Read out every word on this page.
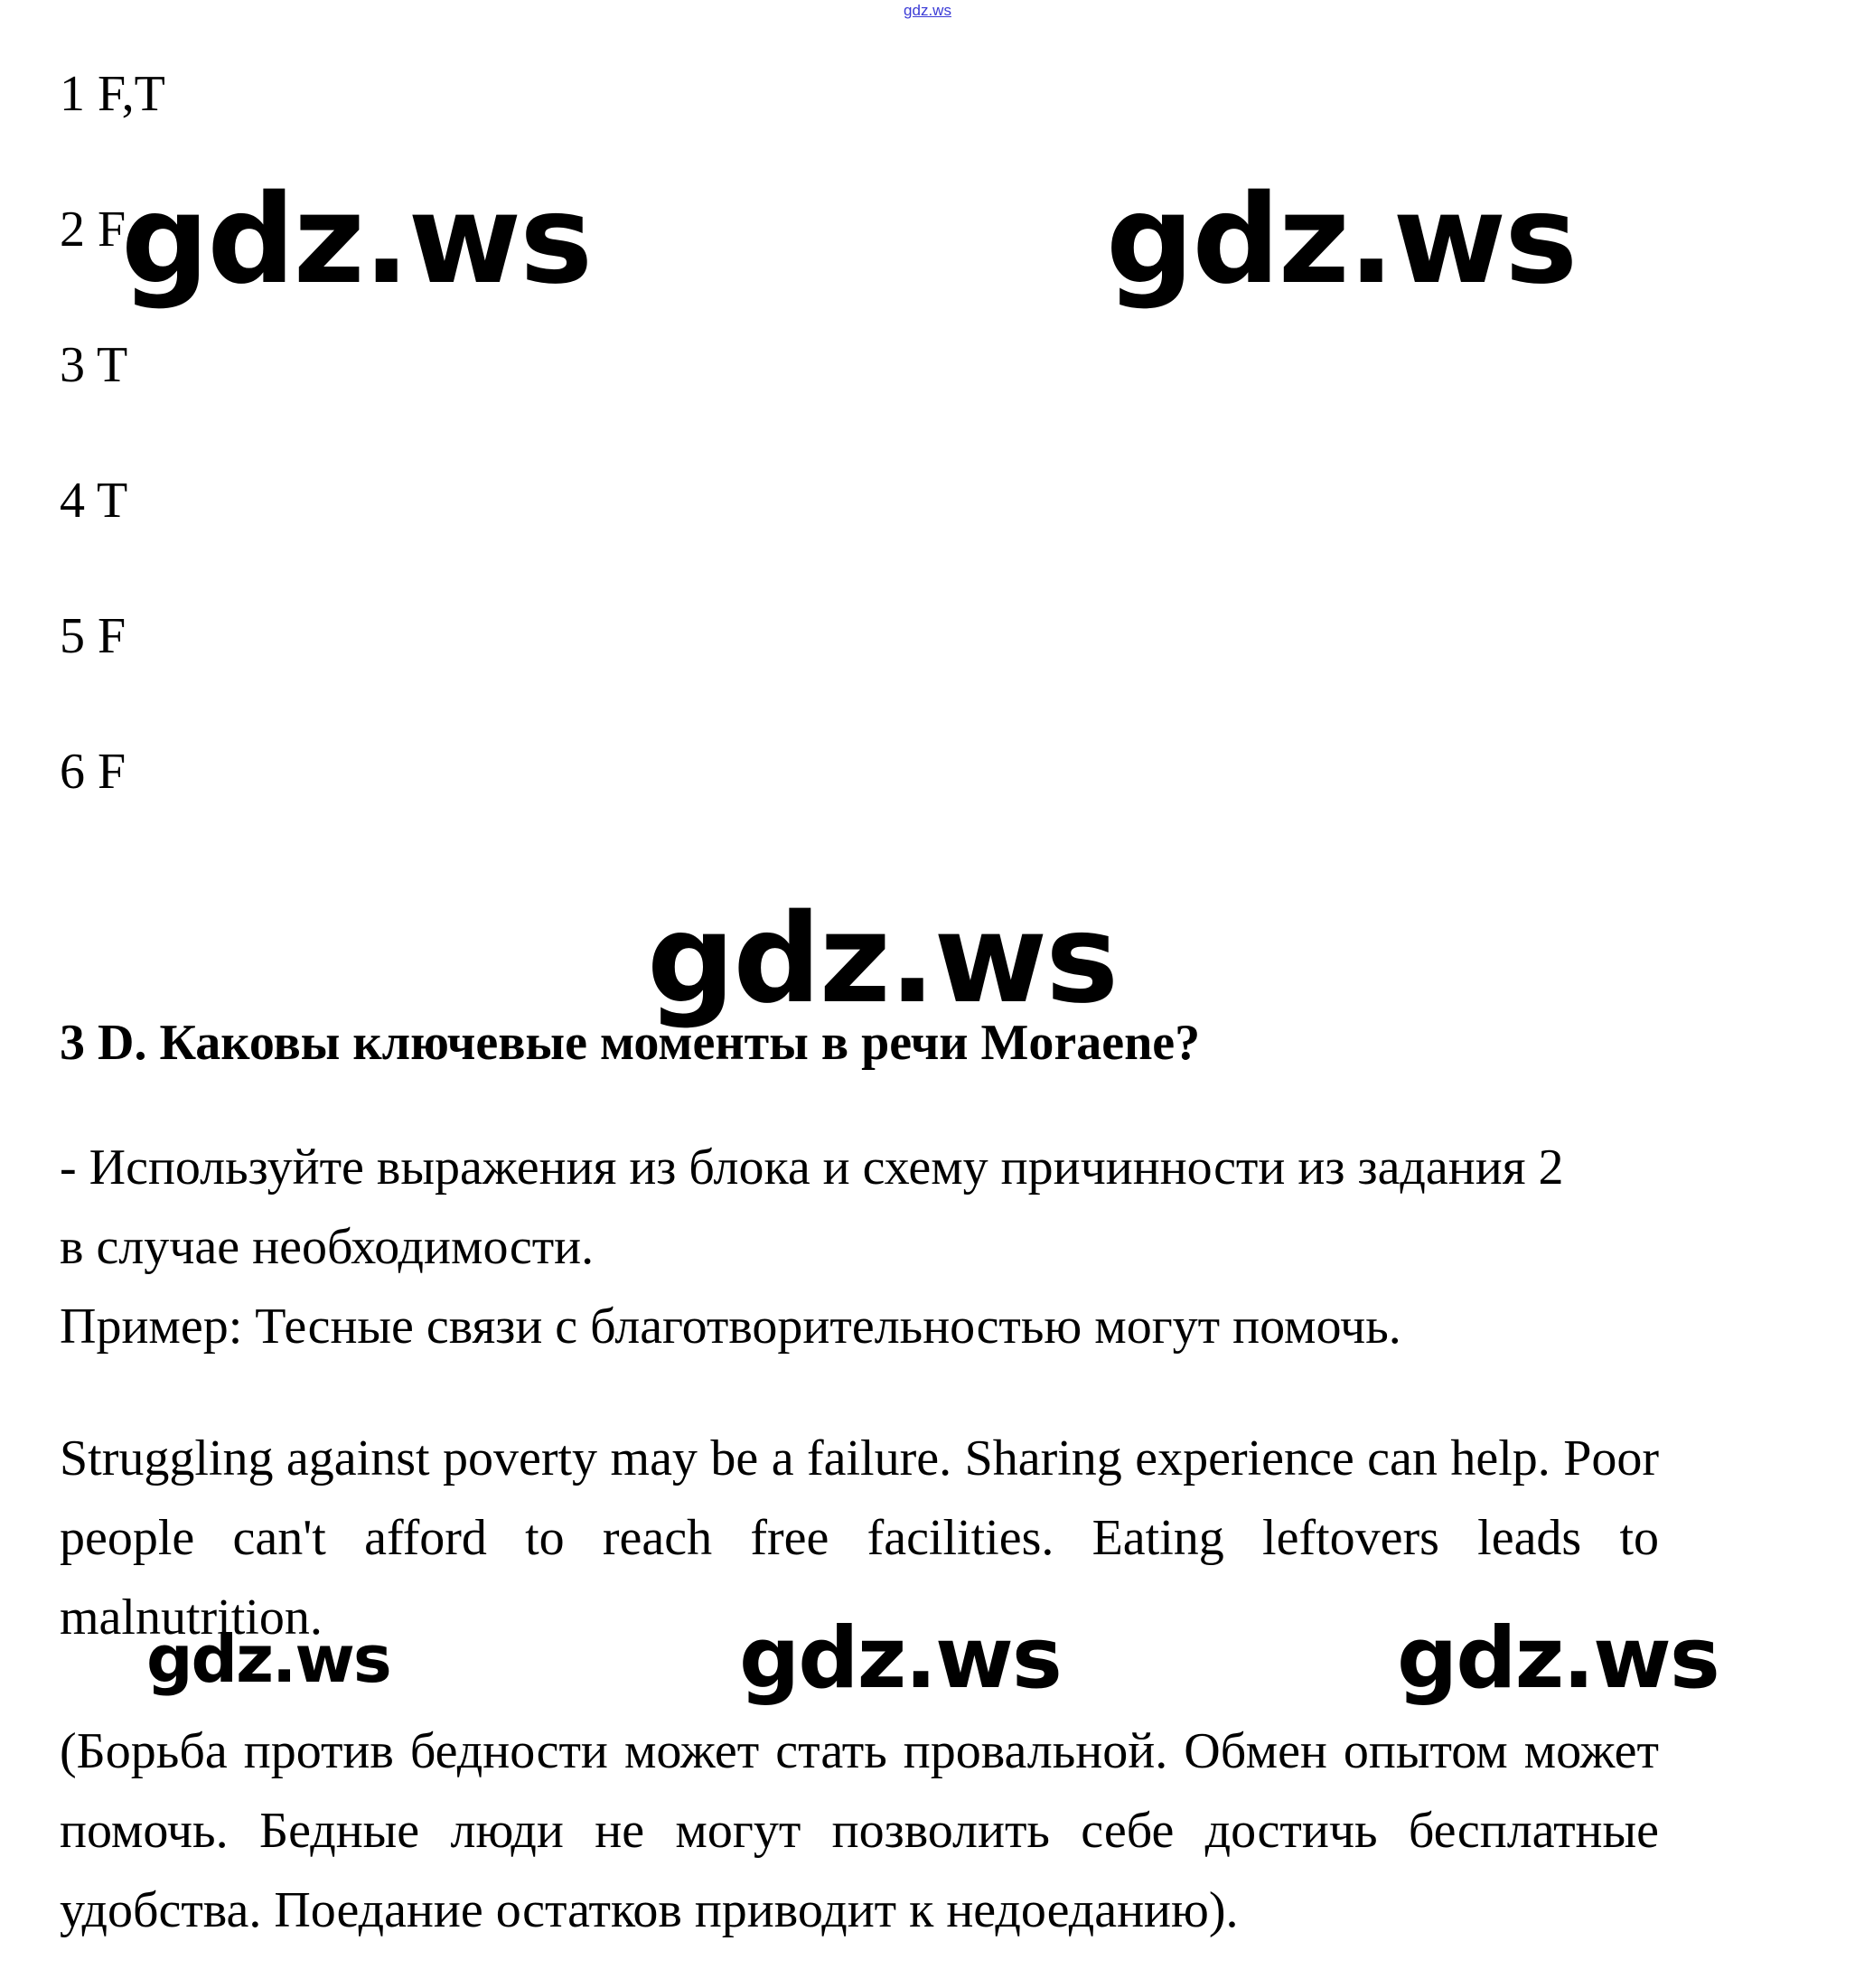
gdz.ws
1 F,T
2 F
3 T
4 T
5 F
6 F
3 D. Каковы ключевые моменты в речи Moraene?
- Используйте выражения из блока и схему причинности из задания 2
в случае необходимости.
Пример: Тесные связи с благотворительностью могут помочь.

Struggling against poverty may be a failure. Sharing experience can help. Poor people can't afford to reach free facilities. Eating leftovers leads to malnutrition.

(Борьба против бедности может стать провальной. Обмен опытом может помочь. Бедные люди не могут позволить себе достичь бесплатные удобства. Поедание остатков приводит к недоеданию).

gdz.ws	gdz.ws
gdz.ws
gdz.ws	gdz.ws	gdz.ws
